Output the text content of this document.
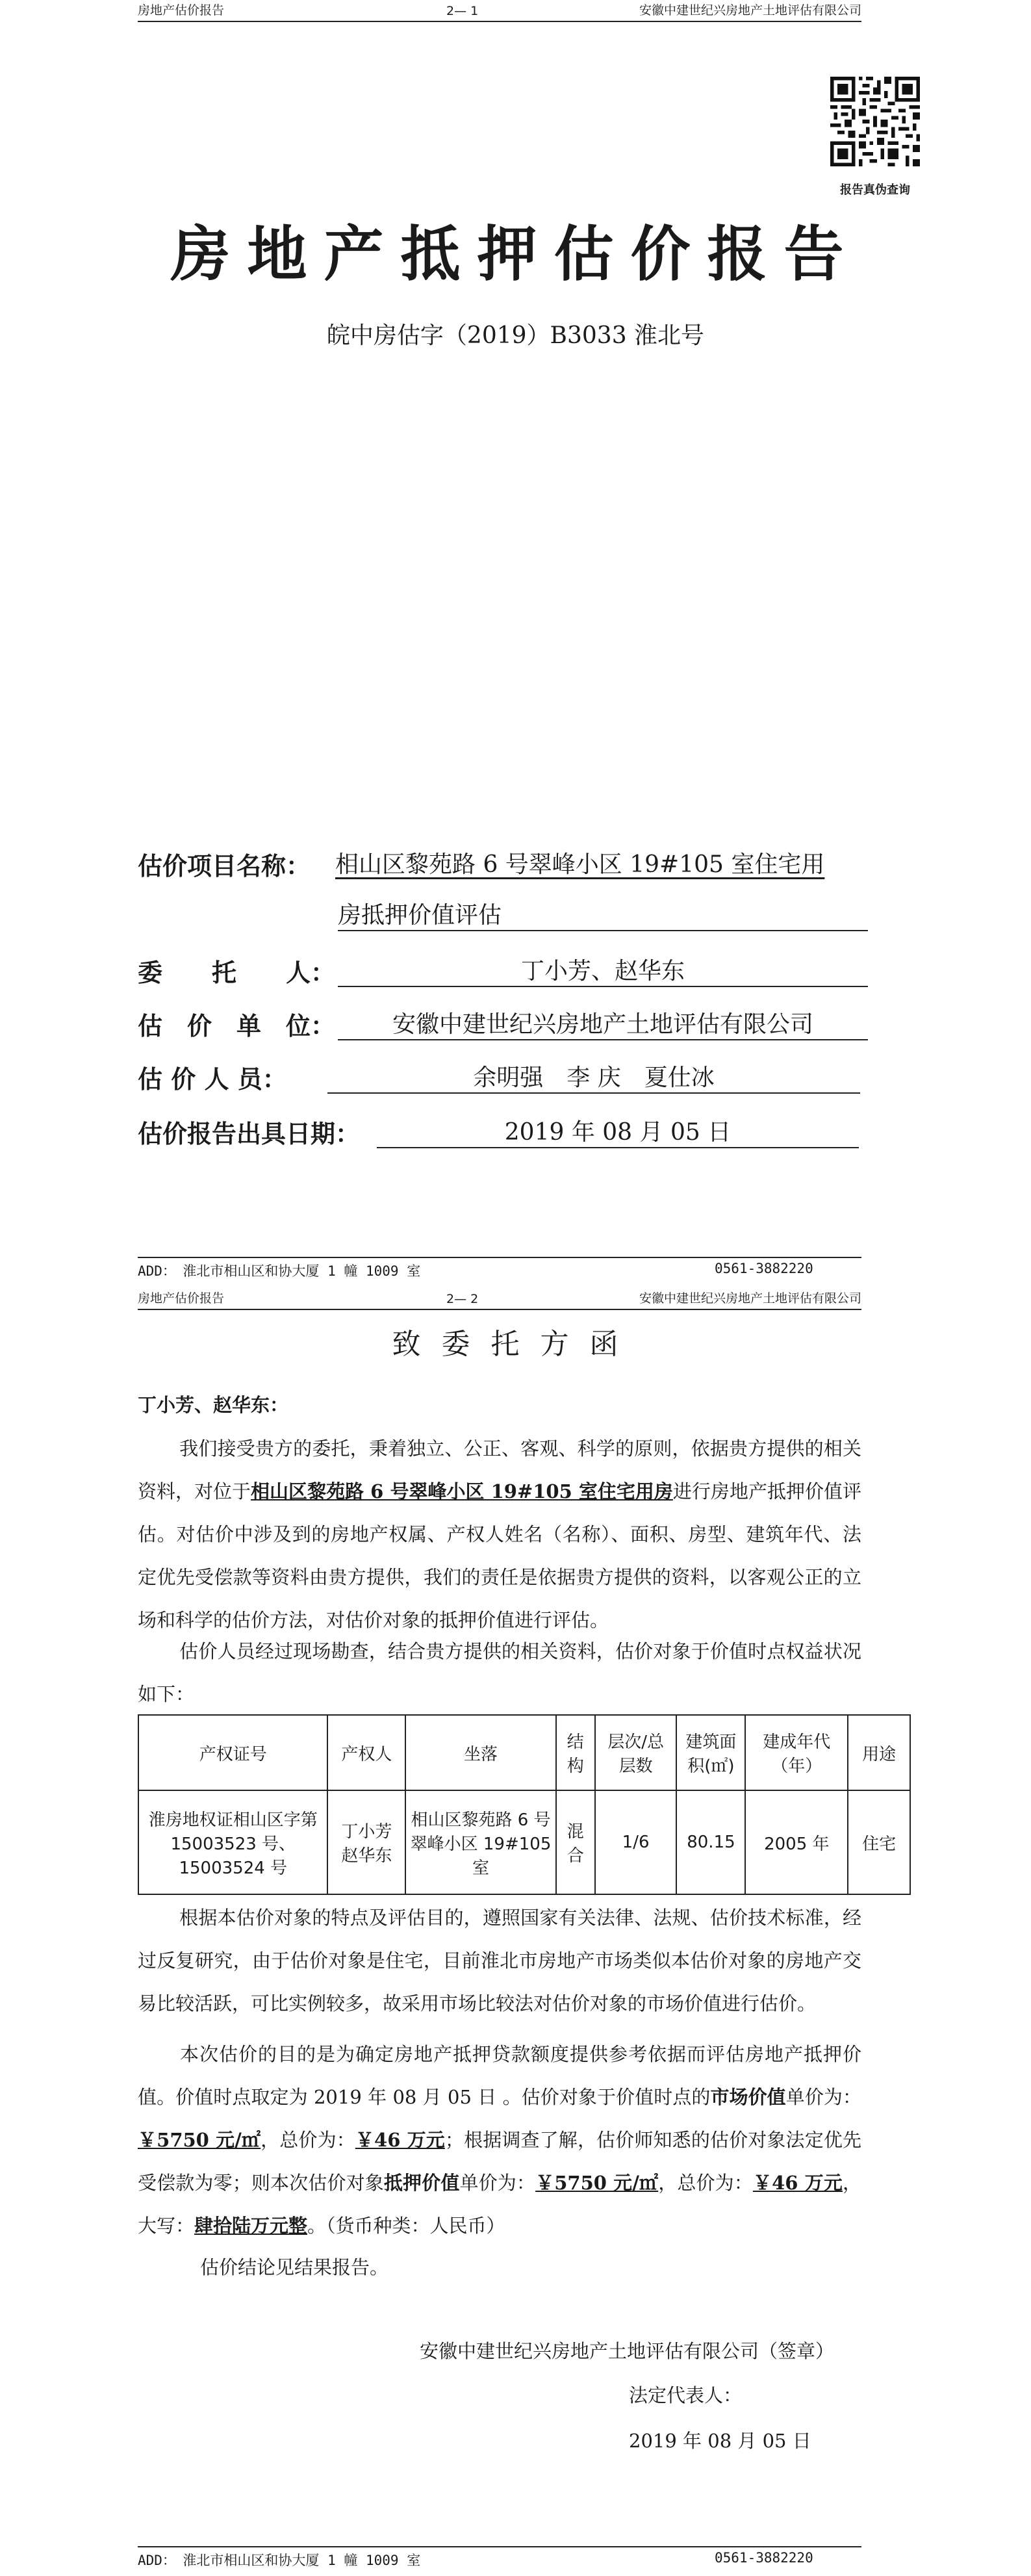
房地产估价报告	2— 1	安徽中建世纪兴房地产土地评估有限公司
报告真伪查询
房地产抵押估价报告
皖中房估字（2019）B3033 淮北号
估价项目名称： 相山区黎苑路 6 号翠峰小区 19#105 室住宅用
房抵押价值评估
委　　托　　人：	丁小芳、赵华东
估　价　单　位：	安徽中建世纪兴房地产土地评估有限公司
估 价 人 员：	余明强　李 庆　夏仕冰
估价报告出具日期：	2019 年 08 月 05 日
ADD：　淮北市相山区和协大厦 1 幢 1009 室	0561-3882220
房地产估价报告	2— 2	安徽中建世纪兴房地产土地评估有限公司
致委托方函
丁小芳、赵华东：
我们接受贵方的委托，秉着独立、公正、客观、科学的原则，依据贵方提供的相关资料，对位于相山区黎苑路 6 号翠峰小区 19#105 室住宅用房进行房地产抵押价值评估。对估价中涉及到的房地产权属、产权人姓名（名称）、面积、房型、建筑年代、法定优先受偿款等资料由贵方提供，我们的责任是依据贵方提供的资料，以客观公正的立场和科学的估价方法，对估价对象的抵押价值进行评估。
估价人员经过现场勘查，结合贵方提供的相关资料，估价对象于价值时点权益状况如下：
产权证号	产权人	坐落	结构	层次/总层数	建筑面积(㎡)	建成年代（年）	用途
淮房地权证相山区字第 15003523 号、15003524 号	丁小芳 赵华东	相山区黎苑路 6 号翠峰小区 19#105 室	混合	1/6	80.15	2005 年	住宅
根据本估价对象的特点及评估目的，遵照国家有关法律、法规、估价技术标准，经过反复研究，由于估价对象是住宅，目前淮北市房地产市场类似本估价对象的房地产交易比较活跃，可比实例较多，故采用市场比较法对估价对象的市场价值进行估价。
本次估价的目的是为确定房地产抵押贷款额度提供参考依据而评估房地产抵押价值。价值时点取定为 2019 年 08 月 05 日 。估价对象于价值时点的市场价值单价为：￥5750 元/㎡，总价为：￥46 万元；根据调查了解，估价师知悉的估价对象法定优先受偿款为零；则本次估价对象抵押价值单价为：￥5750 元/㎡，总价为：￥46 万元，大写：肆拾陆万元整。（货币种类：人民币）
估价结论见结果报告。
安徽中建世纪兴房地产土地评估有限公司（签章）
法定代表人：
2019 年 08 月 05 日
ADD：　淮北市相山区和协大厦 1 幢 1009 室	0561-3882220
